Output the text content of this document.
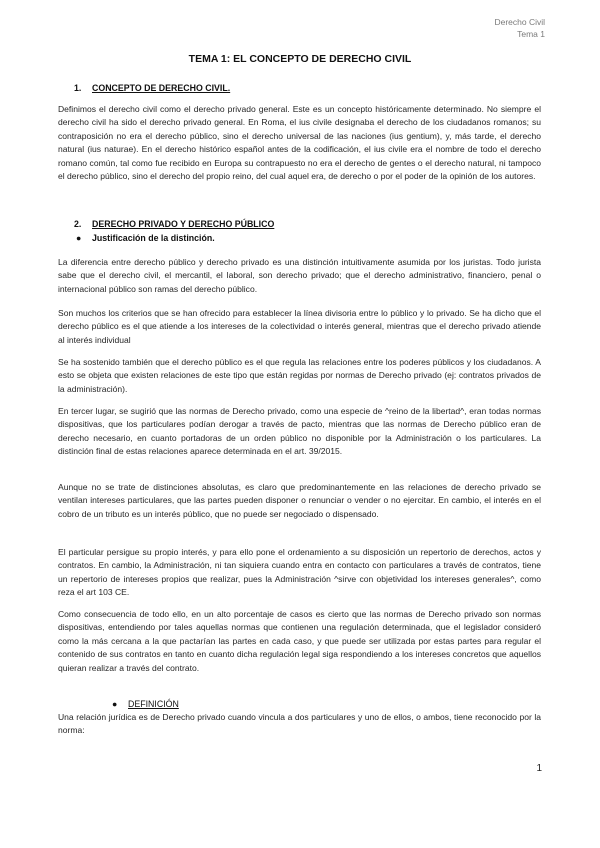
Derecho Civil
Tema 1
TEMA 1: EL CONCEPTO DE DERECHO CIVIL
1. CONCEPTO DE DERECHO CIVIL.

Definimos el derecho civil como el derecho privado general. Este es un concepto históricamente determinado. No siempre el derecho civil ha sido el derecho privado general. En Roma, el ius civile designaba el derecho de los ciudadanos romanos; su contraposición no era el derecho público, sino el derecho universal de las naciones (ius gentium), y, más tarde, el derecho natural (ius naturae). En el derecho histórico español antes de la codificación, el ius civile era el nombre de todo el derecho romano común, tal como fue recibido en Europa su contrapuesto no era el derecho de gentes o el derecho natural, ni tampoco el derecho público, sino el derecho del propio reino, del cual aquel era, de derecho o por el poder de la opinión de los autores.

2. DERECHO PRIVADO Y DERECHO PÚBLICO
● Justificación de la distinción.

La diferencia entre derecho público y derecho privado es una distinción intuitivamente asumida por los juristas. Todo jurista sabe que el derecho civil, el mercantil, el laboral, son derecho privado; que el derecho administrativo, financiero, penal o internacional público son ramas del derecho público.

Son muchos los criterios que se han ofrecido para establecer la línea divisoria entre lo público y lo privado. Se ha dicho que el derecho público es el que atiende a los intereses de la colectividad o interés general, mientras que el derecho privado atiende al interés individual

Se ha sostenido también que el derecho público es el que regula las relaciones entre los poderes públicos y los ciudadanos. A esto se objeta que existen relaciones de este tipo que están regidas por normas de Derecho privado (ej: contratos privados de la administración).

En tercer lugar, se sugirió que las normas de Derecho privado, como una especie de ^reino de la libertad^, eran todas normas dispositivas, que los particulares podían derogar a través de pacto, mientras que las normas de Derecho público eran de derecho necesario, en cuanto portadoras de un orden público no disponible por la Administración o los particulares. La distinción final de estas relaciones aparece determinada en el art. 39/2015.

Aunque no se trate de distinciones absolutas, es claro que predominantemente en las relaciones de derecho privado se ventilan intereses particulares, que las partes pueden disponer o renunciar o vender o no ejercitar. En cambio, el interés en el cobro de un tributo es un interés público, que no puede ser negociado o dispensado.

El particular persigue su propio interés, y para ello pone el ordenamiento a su disposición un repertorio de derechos, actos y contratos. En cambio, la Administración, ni tan siquiera cuando entra en contacto con particulares a través de contratos, tiene un repertorio de intereses propios que realizar, pues la Administración ^sirve con objetividad los intereses generales^, como reza el art 103 CE.

Como consecuencia de todo ello, en un alto porcentaje de casos es cierto que las normas de Derecho privado son normas dispositivas, entendiendo por tales aquellas normas que contienen una regulación determinada, que el legislador consideró como la más cercana a la que pactarían las partes en cada caso, y que puede ser utilizada por estas partes para regular el contenido de sus contratos en tanto en cuanto dicha regulación legal siga respondiendo a los intereses concretos que aquellos quieran realizar a través del contrato.

● DEFINICIÓN

Una relación jurídica es de Derecho privado cuando vincula a dos particulares y uno de ellos, o ambos, tiene reconocido por la norma:

1
